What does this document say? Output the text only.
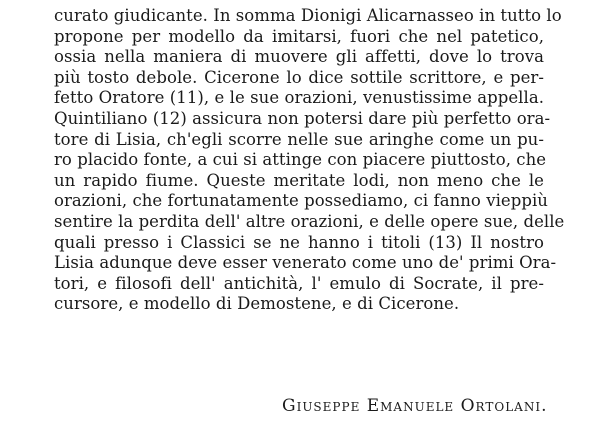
curato giudicante. In somma Dionigi Alicarnasseo in tutto lo
propone per modello da imitarsi, fuori che nel patetico,
ossia nella maniera di muovere gli affetti, dove lo trova
più tosto debole. Cicerone lo dice sottile scrittore, e per-
fetto Oratore (11), e le sue orazioni, venustissime appella.
Quintiliano (12) assicura non potersi dare più perfetto ora-
tore di Lisia, ch'egli scorre nelle sue aringhe come un pu-
ro placido fonte, a cui si attinge con piacere piuttosto, che
un rapido fiume. Queste meritate lodi, non meno che le
orazioni, che fortunatamente possediamo, ci fanno vieppiù
sentire la perdita dell' altre orazioni, e delle opere sue, delle
quali presso i Classici se ne hanno i titoli (13) Il nostro
Lisia adunque deve esser venerato come uno de' primi Ora-
tori, e filosofi dell' antichità, l' emulo di Socrate, il pre-
cursore, e modello di Demostene, e di Cicerone.
Giuseppe Emanuele Ortolani.
